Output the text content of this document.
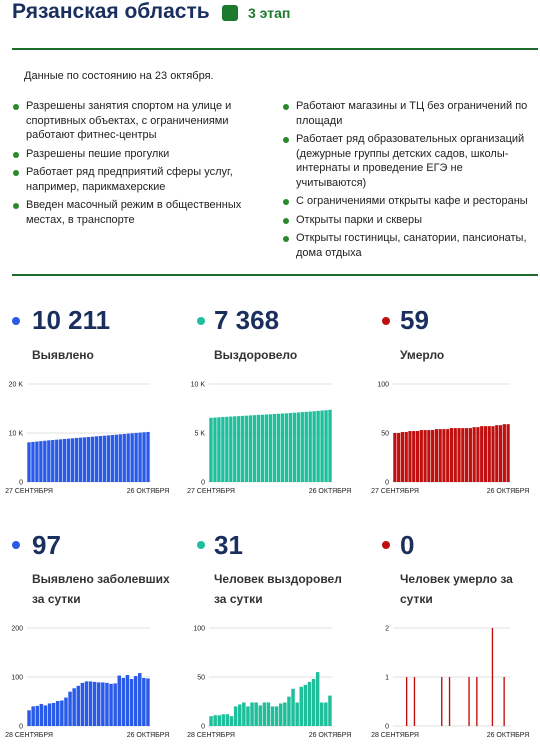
Рязанская область	3 этап
Данные по состоянию на 23 октября.
Разрешены занятия спортом на улице и спортивных объектах, с ограничениями работают фитнес-центры
Разрешены пешие прогулки
Работает ряд предприятий сферы услуг, например, парикмахерские
Введен масочный режим в общественных местах, в транспорте
Работают магазины и ТЦ без ограничений по площади
Работает ряд образовательных организаций (дежурные группы детских садов, школы-интернаты и проведение ЕГЭ не учитываются)
С ограничениями открыты кафе и рестораны
Открыты парки и скверы
Открыты гостиницы, санатории, пансионаты, дома отдыха
10 211
Выявлено
0
10 K
20 K
27 СЕНТЯБРЯ	26 ОКТЯБРЯ
7 368
Выздоровело
0
5 K
10 K
27 СЕНТЯБРЯ	26 ОКТЯБРЯ
59
Умерло
0
50
100
27 СЕНТЯБРЯ	26 ОКТЯБРЯ
97
Выявлено заболевших за сутки
0
100
200
28 СЕНТЯБРЯ	26 ОКТЯБРЯ
31
Человек выздоровел за сутки
0
50
100
28 СЕНТЯБРЯ	26 ОКТЯБРЯ
0
Человек умерло за сутки
0
1
2
28 СЕНТЯБРЯ	26 ОКТЯБРЯ
